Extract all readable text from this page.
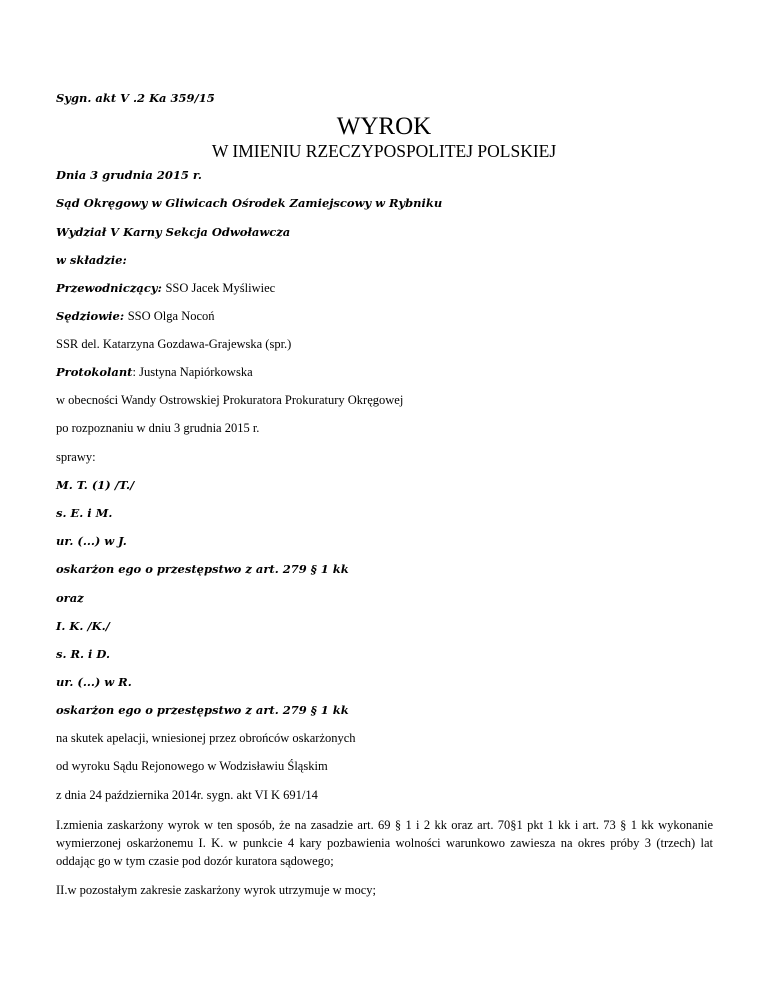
Sygn. akt V .2 Ka 359/15
WYROK
W IMIENIU RZECZYPOSPOLITEJ POLSKIEJ
Dnia 3 grudnia 2015 r.
Sąd Okręgowy w Gliwicach Ośrodek Zamiejscowy w Rybniku
Wydział V Karny Sekcja Odwoławcza
w składzie:
Przewodniczący: SSO Jacek Myśliwiec
Sędziowie: SSO Olga Nocoń
SSR del. Katarzyna Gozdawa-Grajewska (spr.)
Protokolant: Justyna Napiórkowska
w obecności Wandy Ostrowskiej Prokuratora Prokuratury Okręgowej
po rozpoznaniu w dniu 3 grudnia 2015 r.
sprawy:
M. T. (1) /T./
s. E. i M.
ur. (...) w J.
oskarżon ego o przestępstwo z art. 279 § 1 kk
oraz
I. K. /K./
s. R. i D.
ur. (...) w R.
oskarżon ego o przestępstwo z art. 279 § 1 kk
na skutek apelacji, wniesionej przez obrońców oskarżonych
od wyroku Sądu Rejonowego w Wodzisławiu Śląskim
z dnia 24 października 2014r. sygn. akt VI K 691/14
I.zmienia zaskarżony wyrok w ten sposób, że na zasadzie art. 69 § 1 i 2 kk oraz art. 70§1 pkt 1 kk i art. 73 § 1 kk wykonanie wymierzonej oskarżonemu I. K. w punkcie 4 kary pozbawienia wolności warunkowo zawiesza na okres próby 3 (trzech) lat oddając go w tym czasie pod dozór kuratora sądowego;
II.w pozostałym zakresie zaskarżony wyrok utrzymuje w mocy;
